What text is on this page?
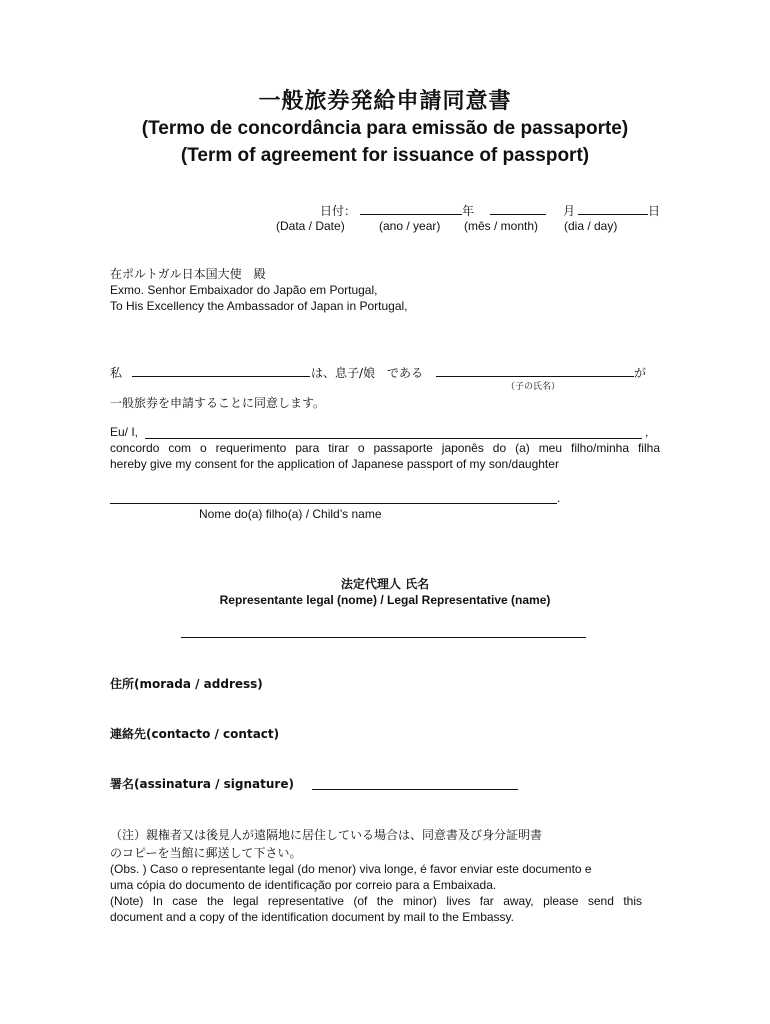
一般旅券発給申請同意書
(Termo de concordância para emissão de passaporte)
(Term of agreement for issuance of passport)
日付：	年	月	日
(Data / Date)	(ano / year) (mês / month) (dia / day)
在ポルトガル日本国大使　殿
Exmo. Senhor Embaixador do Japão em Portugal,
To His Excellency the Ambassador of Japan in Portugal,
私	は、息子/娘　である	が
（子の氏名）
一般旅券を申請することに同意します。
Eu/ I,	,
concordo com o requerimento para tirar o passaporte japonês do (a) meu filho/minha filha
hereby give my consent for the application of Japanese passport of my son/daughter
.
Nome do(a) filho(a) / Child’s name
法定代理人 氏名
Representante legal (nome) / Legal Representative (name)
住所(morada / address)
連絡先(contacto / contact)
署名(assinatura / signature)
（注）親権者又は後見人が遠隔地に居住している場合は、同意書及び身分証明書
のコピーを当館に郵送して下さい。
(Obs. ) Caso o representante legal (do menor) viva longe, é favor enviar este documento e
uma cópia do documento de identificação por correio para a Embaixada.
(Note) In case the legal representative (of the minor) lives far away, please send this
document and a copy of the identification document by mail to the Embassy.
